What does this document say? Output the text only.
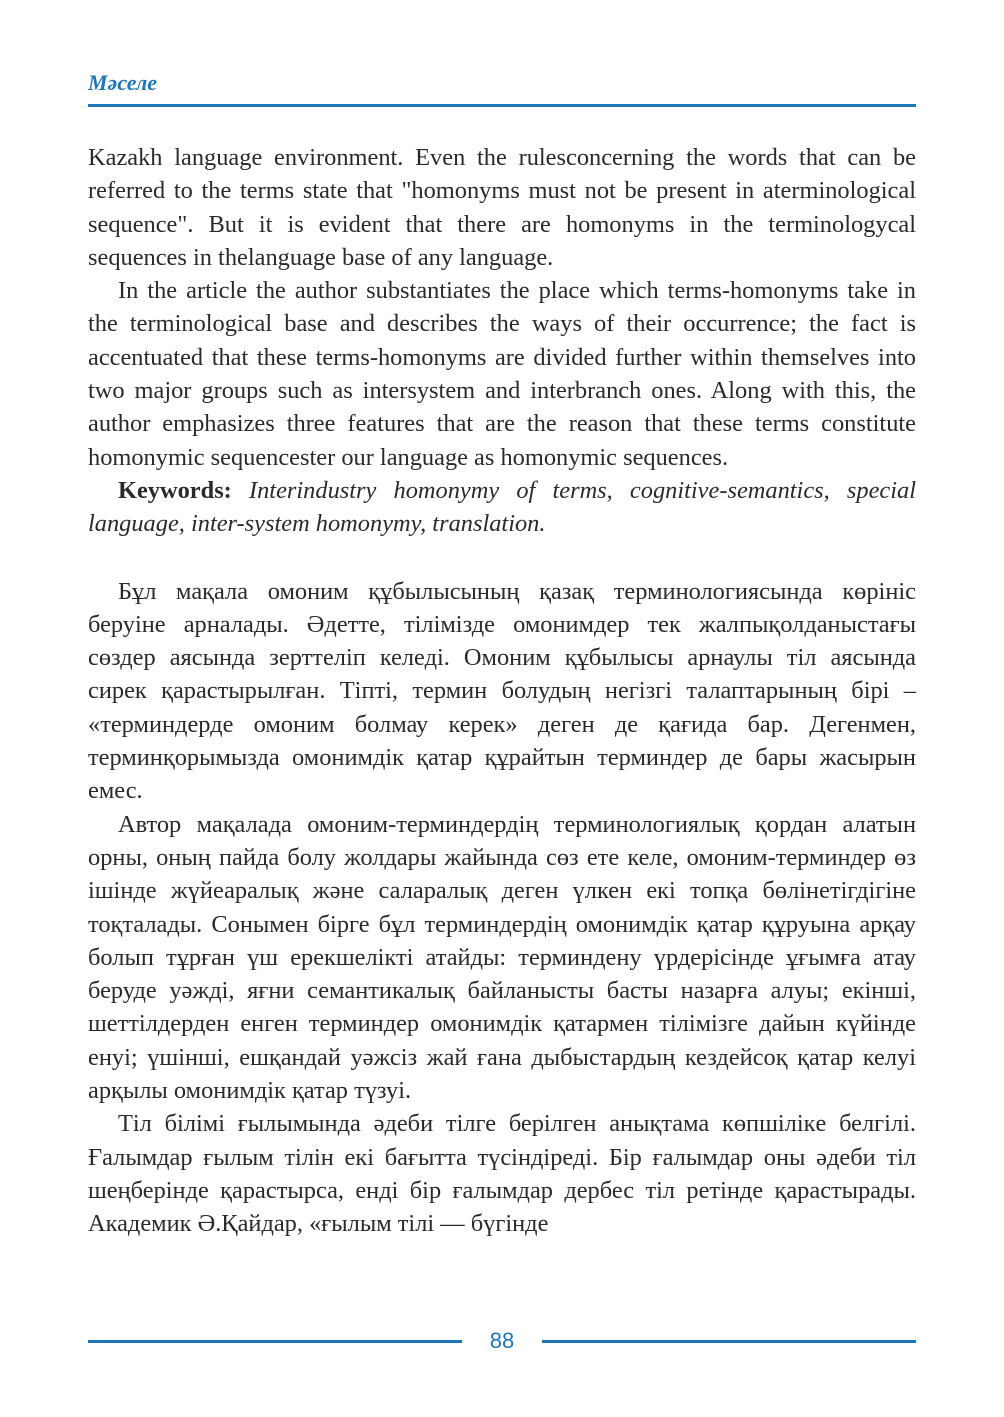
Мәселе

Kazakh language environment. Even the rulesconcerning the words that can be referred to the terms state that "homonyms must not be present in aterminological sequence". But it is evident that there are homonyms in the terminologycal sequences in thelanguage base of any language.

In the article the author substantiates the place which terms-homonyms take in the terminological base and describes the ways of their occurrence; the fact is accentuated that these terms-homonyms are divided further within themselves into two major groups such as intersystem and interbranch ones. Along with this, the author emphasizes three features that are the reason that these terms constitute homonymic sequencester our language as homonymic sequences.

Keywords: Interindustry homonymy of terms, cognitive-semantics, special language, inter-system homonymy, translation.

Бұл мақала омоним құбылысының қазақ терминологиясында көрініс беруіне арналады. Әдетте, тілімізде омонимдер тек жалпықолданыстағы сөздер аясында зерттеліп келеді. Омоним құбылысы арнаулы тіл аясында сирек қарастырылған. Тіпті, термин болудың негізгі талаптарының бірі – «терминдерде омоним болмау керек» деген де қағида бар. Дегенмен, терминқорымызда омонимдік қатар құрайтын терминдер де бары жасырын емес.

Автор мақалада омоним-терминдердің терминологиялық қордан алатын орны, оның пайда болу жолдары жайында сөз ете келе, омоним-терминдер өз ішінде жүйеаралық және саларалық деген үлкен екі топқа бөлінетігдігіне тоқталады. Сонымен бірге бұл терминдердің омонимдік қатар құруына арқау болып тұрған үш ерекшелікті атайды: терминдену үрдерісінде ұғымға атау беруде уәжді, яғни семантикалық байланысты басты назарға алуы; екінші, шеттілдерден енген терминдер омонимдік қатармен тілімізге дайын күйінде енуі; үшінші, ешқандай уәжсіз жай ғана дыбыстардың кездейсоқ қатар келуі арқылы омонимдік қатар түзуі.

Тіл білімі ғылымында әдеби тілге берілген анықтама көпшілікe белгілі. Ғалымдар ғылым тілін екі бағытта түсіндіреді. Бір ғалымдар оны әдеби тіл шеңберінде қарастырса, енді бір ғалымдар дербес тіл ретінде қарастырады. Академик Ә.Қайдар, «ғылым тілі — бүгінде

88
